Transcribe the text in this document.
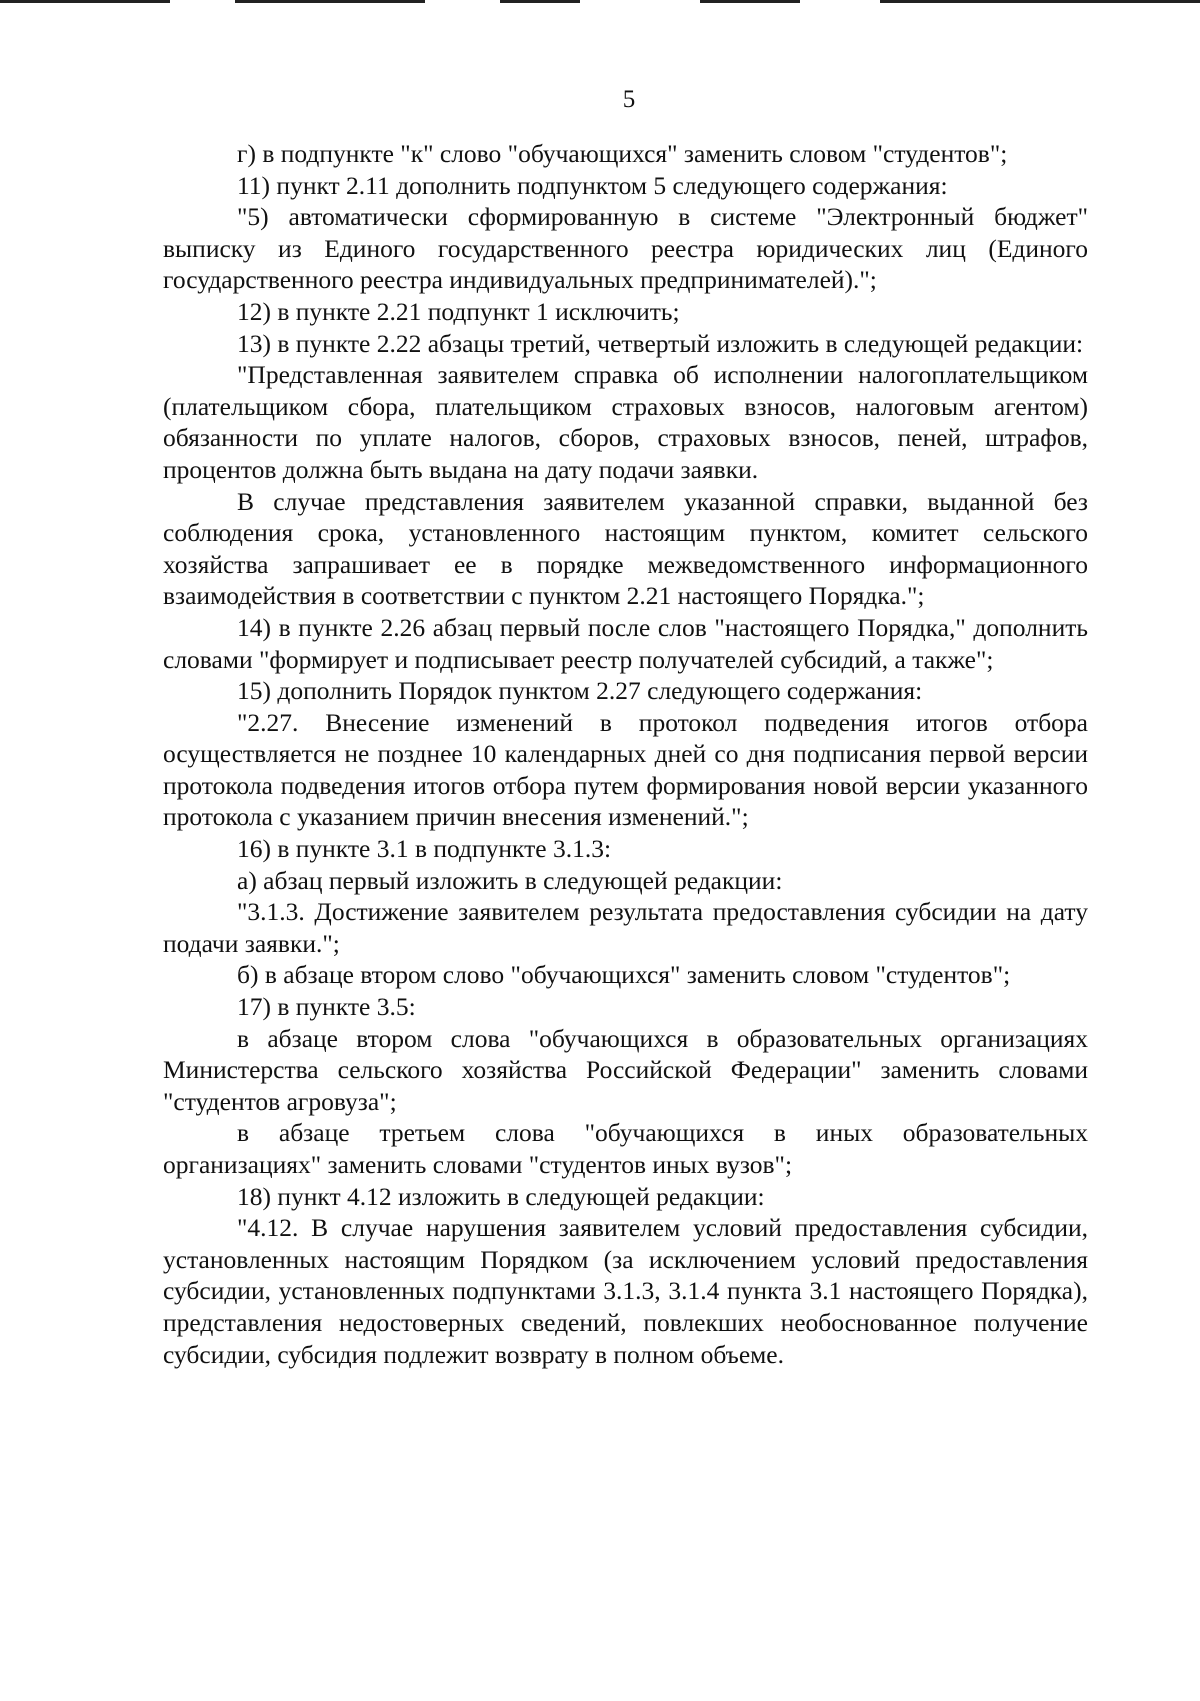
5

г) в подпункте "к" слово "обучающихся" заменить словом "студентов";

11) пункт 2.11 дополнить подпунктом 5 следующего содержания:

"5) автоматически сформированную в системе "Электронный бюджет" выписку из Единого государственного реестра юридических лиц (Единого государственного реестра индивидуальных предпринимателей).";

12) в пункте 2.21 подпункт 1 исключить;

13) в пункте 2.22 абзацы третий, четвертый изложить в следующей редакции:

"Представленная заявителем справка об исполнении налогоплательщиком (плательщиком сбора, плательщиком страховых взносов, налоговым агентом) обязанности по уплате налогов, сборов, страховых взносов, пеней, штрафов, процентов должна быть выдана на дату подачи заявки.

В случае представления заявителем указанной справки, выданной без соблюдения срока, установленного настоящим пунктом, комитет сельского хозяйства запрашивает ее в порядке межведомственного информационного взаимодействия в соответствии с пунктом 2.21 настоящего Порядка.";

14) в пункте 2.26 абзац первый после слов "настоящего Порядка," дополнить словами "формирует и подписывает реестр получателей субсидий, а также";

15) дополнить Порядок пунктом 2.27 следующего содержания:

"2.27. Внесение изменений в протокол подведения итогов отбора осуществляется не позднее 10 календарных дней со дня подписания первой версии протокола подведения итогов отбора путем формирования новой версии указанного протокола с указанием причин внесения изменений.";

16) в пункте 3.1 в подпункте 3.1.3:

а) абзац первый изложить в следующей редакции:

"3.1.3. Достижение заявителем результата предоставления субсидии на дату подачи заявки.";

б) в абзаце втором слово "обучающихся" заменить словом "студентов";

17) в пункте 3.5:

в абзаце втором слова "обучающихся в образовательных организациях Министерства сельского хозяйства Российской Федерации" заменить словами "студентов агровуза";

в абзаце третьем слова "обучающихся в иных образовательных организациях" заменить словами "студентов иных вузов";

18) пункт 4.12 изложить в следующей редакции:

"4.12. В случае нарушения заявителем условий предоставления субсидии, установленных настоящим Порядком (за исключением условий предоставления субсидии, установленных подпунктами 3.1.3, 3.1.4 пункта 3.1 настоящего Порядка), представления недостоверных сведений, повлекших необоснованное получение субсидии, субсидия подлежит возврату в полном объеме.
